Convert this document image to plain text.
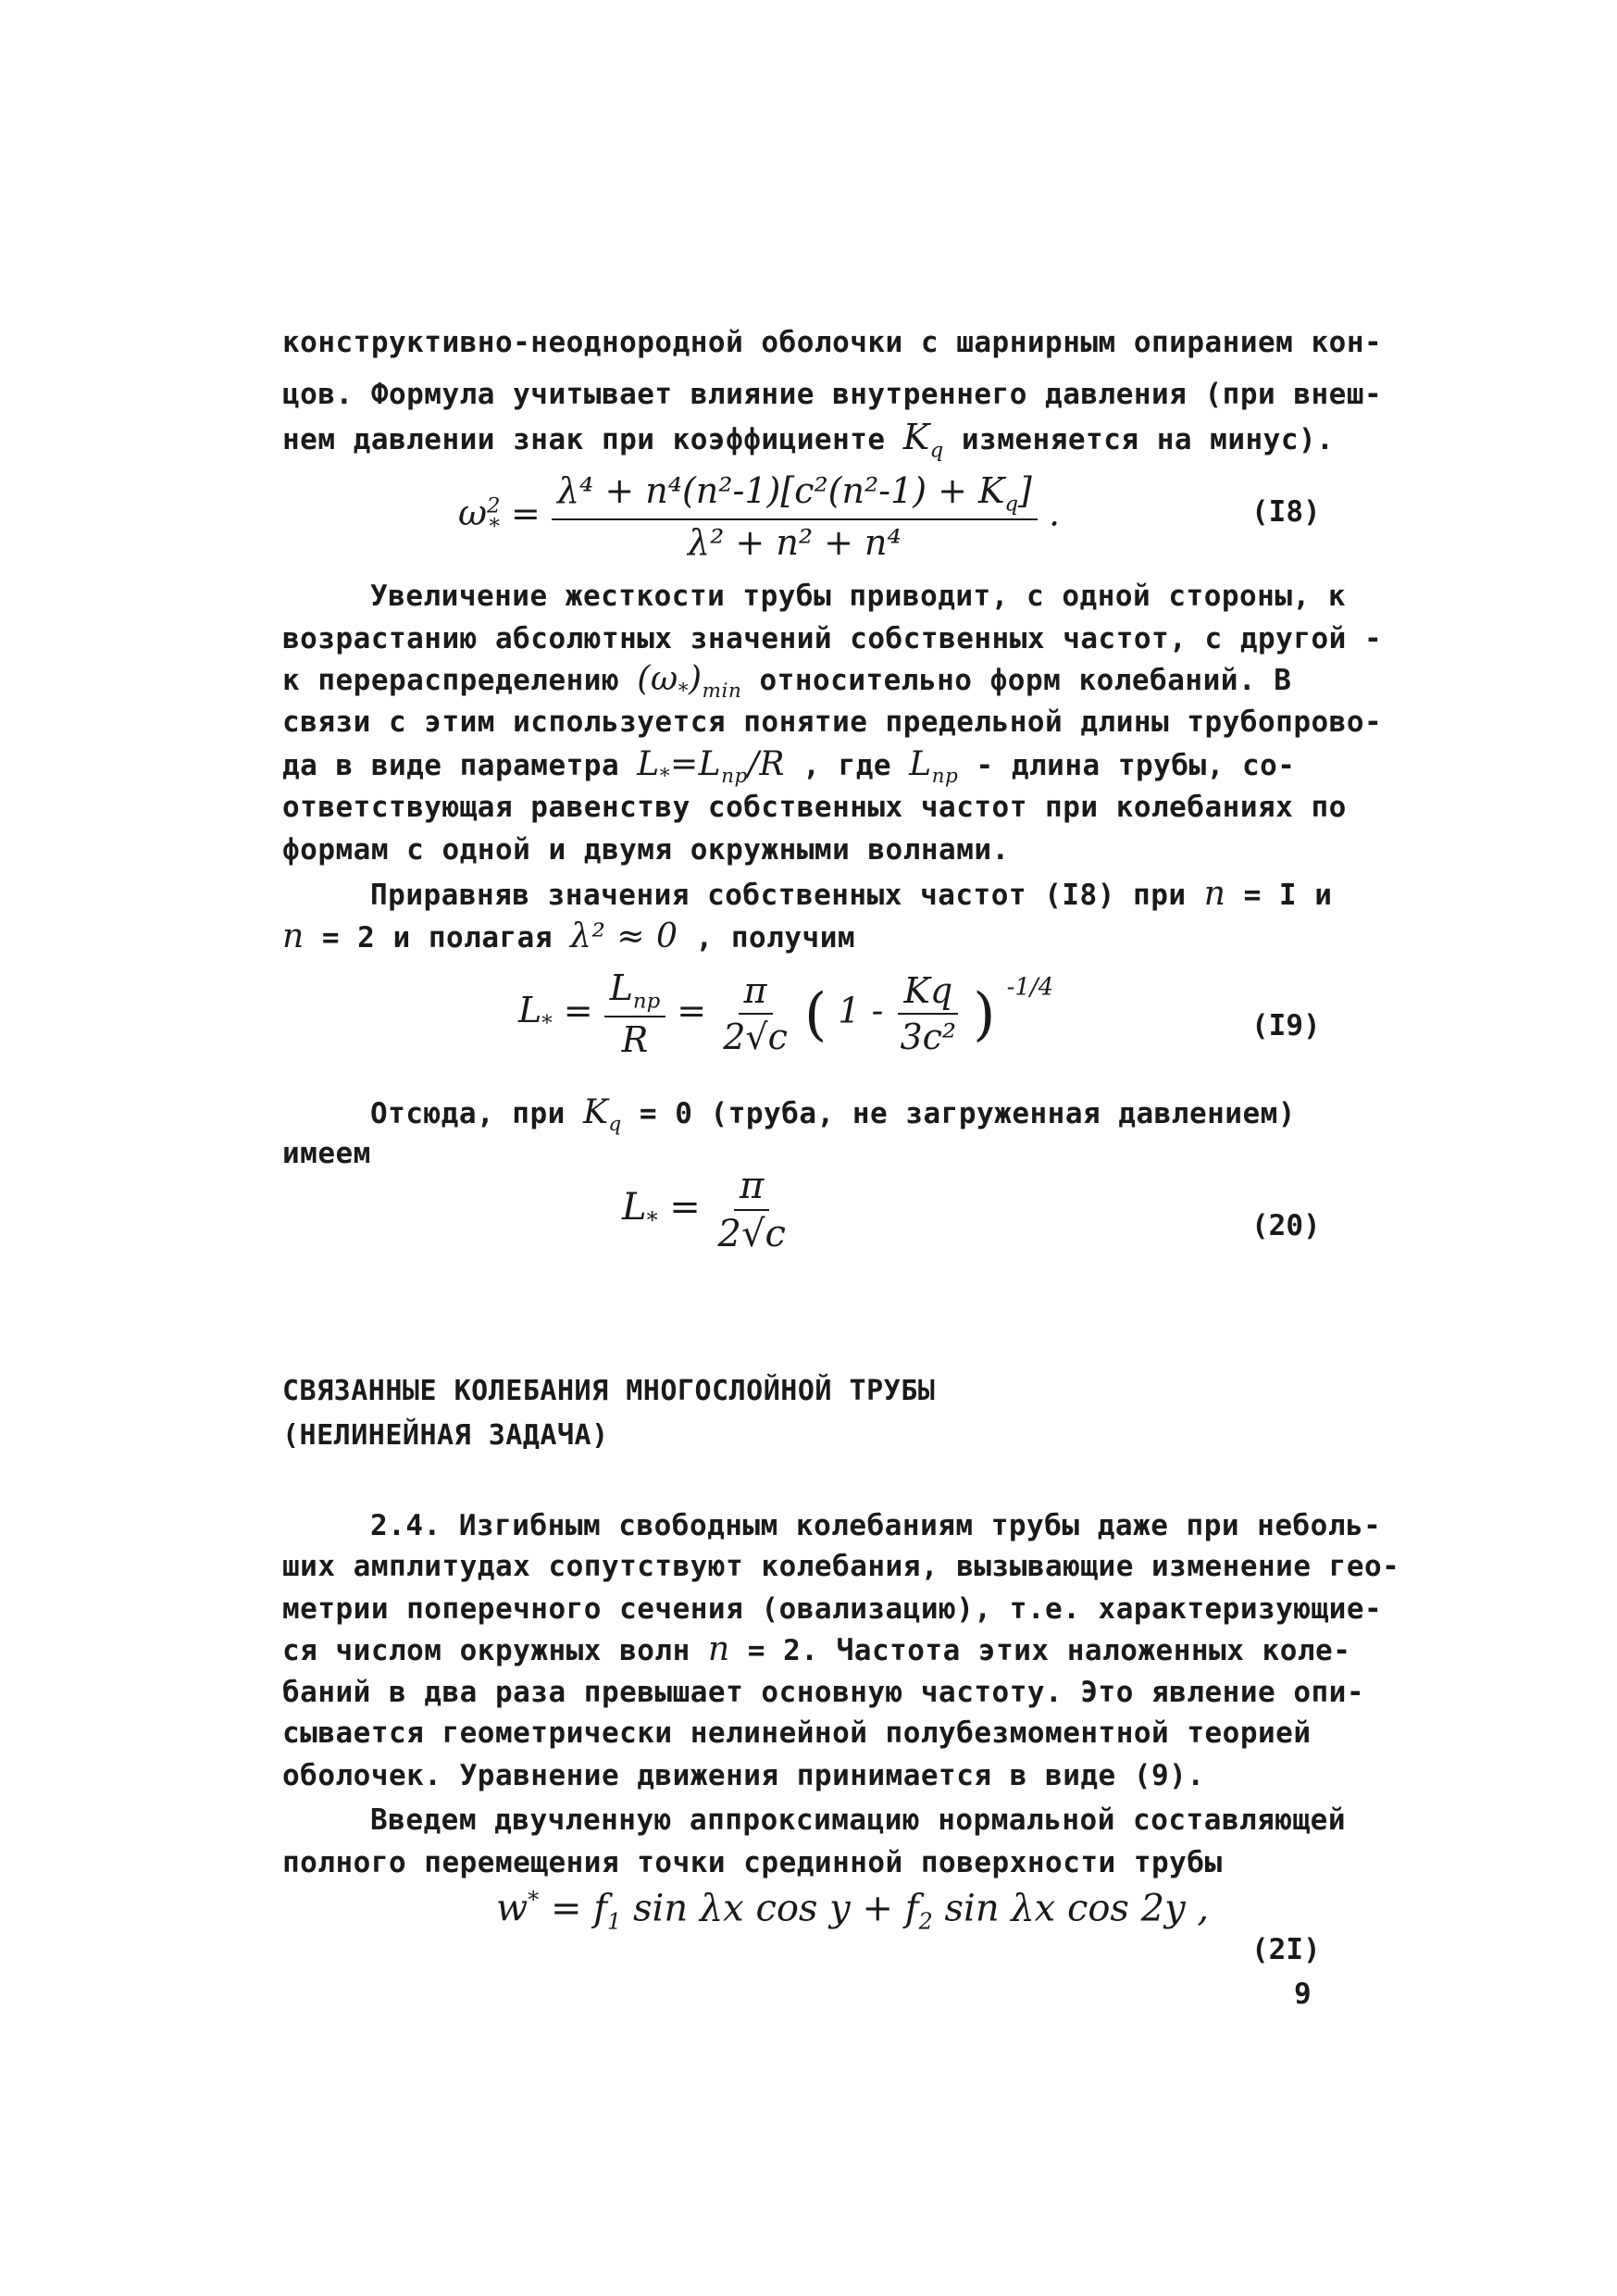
конструктивно-неоднородной оболочки с шарнирным опиранием кон-
цов. Формула учитывает влияние внутреннего давления (при внеш-
нем давлении знак при коэффициенте $K_q$ изменяется на минус).
$\omega^2_* = \frac{\lambda^4 + n^4(n^2-1)[c^2(n^2-1) + K_q]}{\text{λ² + n² + n⁴}}$ .	(I8)
Увеличение жесткости трубы приводит, с одной стороны, к
возрастанию абсолютных значений собственных частот, с другой -
к перераспределению $(\omega_*)_{min}$ относительно форм колебаний. В
связи с этим используется понятие предельной длины трубопрово-
да в виде параметра $L_*=L_{пр}/R$ , где $L_{пр}$ - длина трубы, со-
ответствующая равенству собственных частот при колебаниях по
формам с одной и двумя окружными волнами.
Приравняв значения собственных частот (I8) при n = I и
n = 2 и полагая λ² ≈ 0 , получим
$L_* = \frac{L_{пр}}{R} = \frac{\pi}{2√c}$ ( $1 - \frac{Kq}{\text{3c²}}$ ) $^{-1/4}$
(I9)
Отсюда, при $K_q = 0$ (труба, не загруженная давлением)
имеем
$L_* = \frac{\pi}{2√c}$	(20)
СВЯЗАННЫЕ КОЛЕБАНИЯ МНОГОСЛОЙНОЙ ТРУБЫ
(НЕЛИНЕЙНАЯ ЗАДАЧА)
2.4. Изгибным свободным колебаниям трубы даже при неболь-
ших амплитудах сопутствуют колебания, вызывающие изменение гео-
метрии поперечного сечения (овализацию), т.е. характеризующие-
ся числом окружных волн n = 2. Частота этих наложенных коле-
баний в два раза превышает основную частоту. Это явление опи-
сывается геометрически нелинейной полубезмоментной теорией
оболочек. Уравнение движения принимается в виде (9).
Введем двучленную аппроксимацию нормальной составляющей
полного перемещения точки срединной поверхности трубы
$w^* = f_1$ sin λx $\cos y + f_2$ sin λx cos 2y ,
(2I)
9
